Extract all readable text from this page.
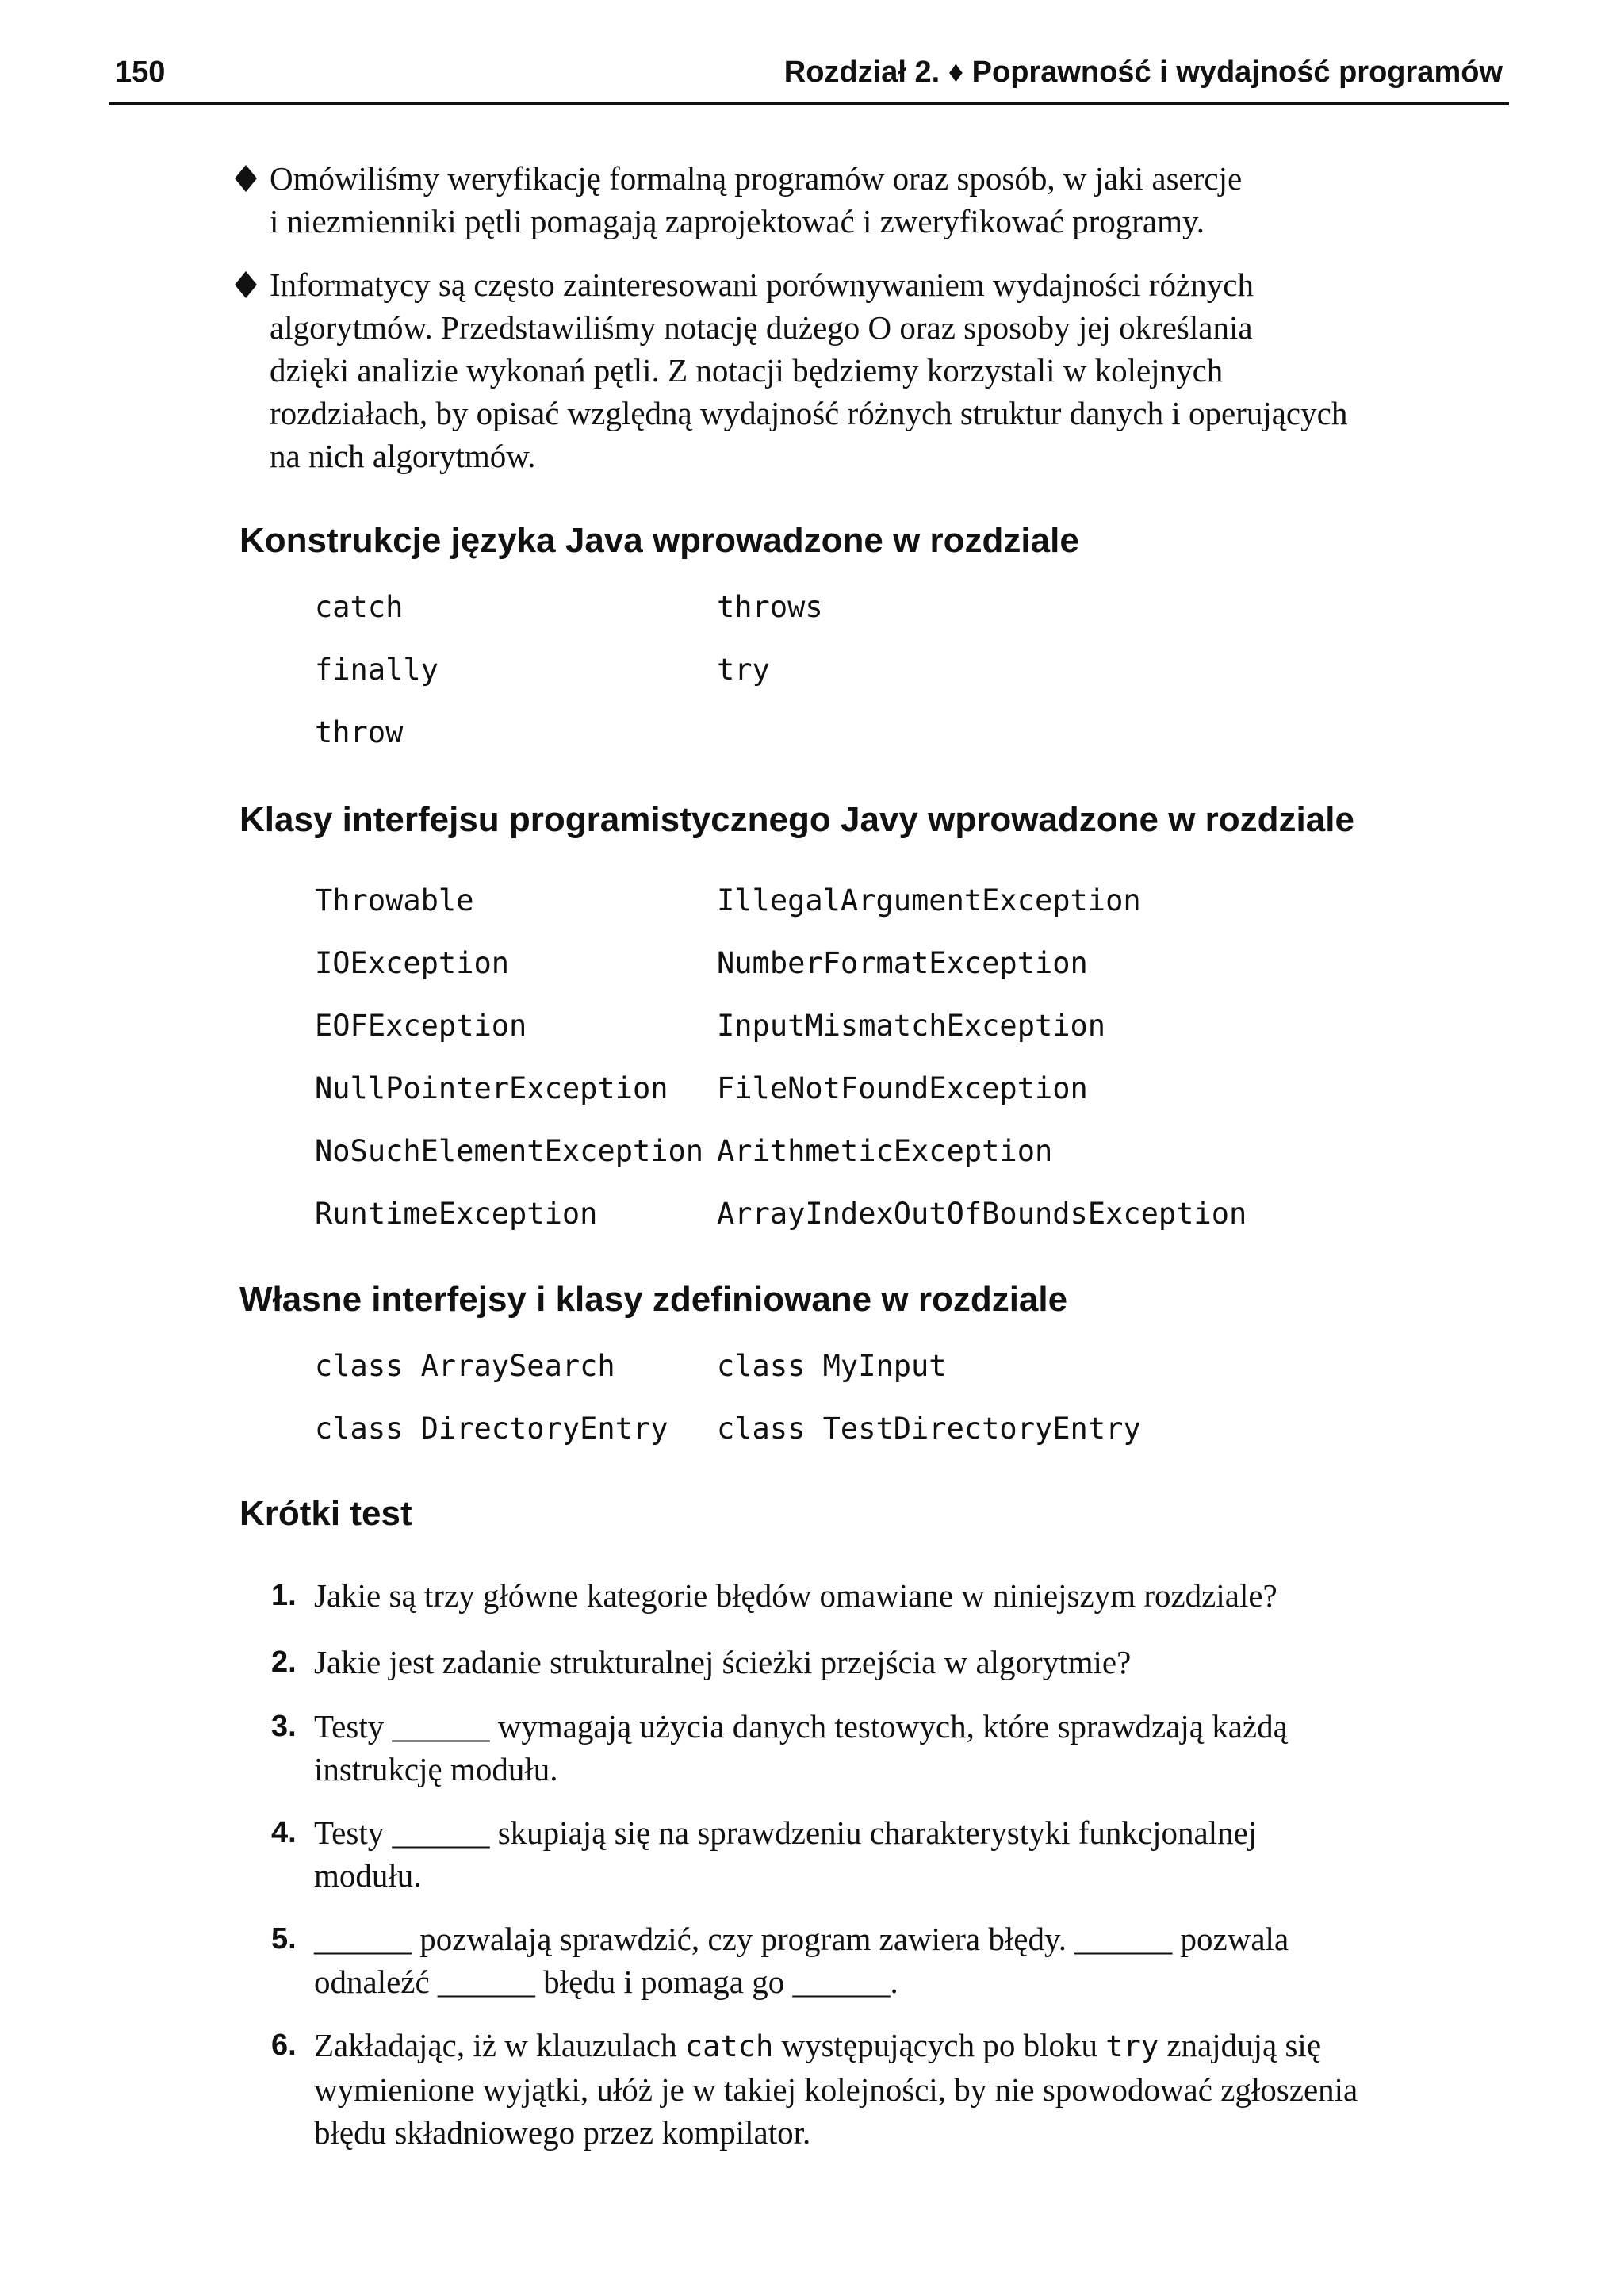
150	Rozdział 2. ♦ Poprawność i wydajność programów
Omówiliśmy weryfikację formalną programów oraz sposób, w jaki asercje
i niezmienniki pętli pomagają zaprojektować i zweryfikować programy.
Informatycy są często zainteresowani porównywaniem wydajności różnych
algorytmów. Przedstawiliśmy notację dużego O oraz sposoby jej określania
dzięki analizie wykonań pętli. Z notacji będziemy korzystali w kolejnych
rozdziałach, by opisać względną wydajność różnych struktur danych i operujących
na nich algorytmów.
Konstrukcje języka Java wprowadzone w rozdziale
catch	throws
finally	try
throw
Klasy interfejsu programistycznego Javy wprowadzone w rozdziale
Throwable	IllegalArgumentException
IOException	NumberFormatException
EOFException	InputMismatchException
NullPointerException FileNotFoundException
NoSuchElementException ArithmeticException
RuntimeException	ArrayIndexOutOfBoundsException
Własne interfejsy i klasy zdefiniowane w rozdziale
class ArraySearch	class MyInput
class DirectoryEntry class TestDirectoryEntry
Krótki test
1. Jakie są trzy główne kategorie błędów omawiane w niniejszym rozdziale?
2. Jakie jest zadanie strukturalnej ścieżki przejścia w algorytmie?
3. Testy ______ wymagają użycia danych testowych, które sprawdzają każdą
instrukcję modułu.
4. Testy ______ skupiają się na sprawdzeniu charakterystyki funkcjonalnej
modułu.
5. ______ pozwalają sprawdzić, czy program zawiera błędy. ______ pozwala
odnaleźć ______ błędu i pomaga go ______.
6. Zakładając, iż w klauzulach catch występujących po bloku try znajdują się
wymienione wyjątki, ułóż je w takiej kolejności, by nie spowodować zgłoszenia
błędu składniowego przez kompilator.
